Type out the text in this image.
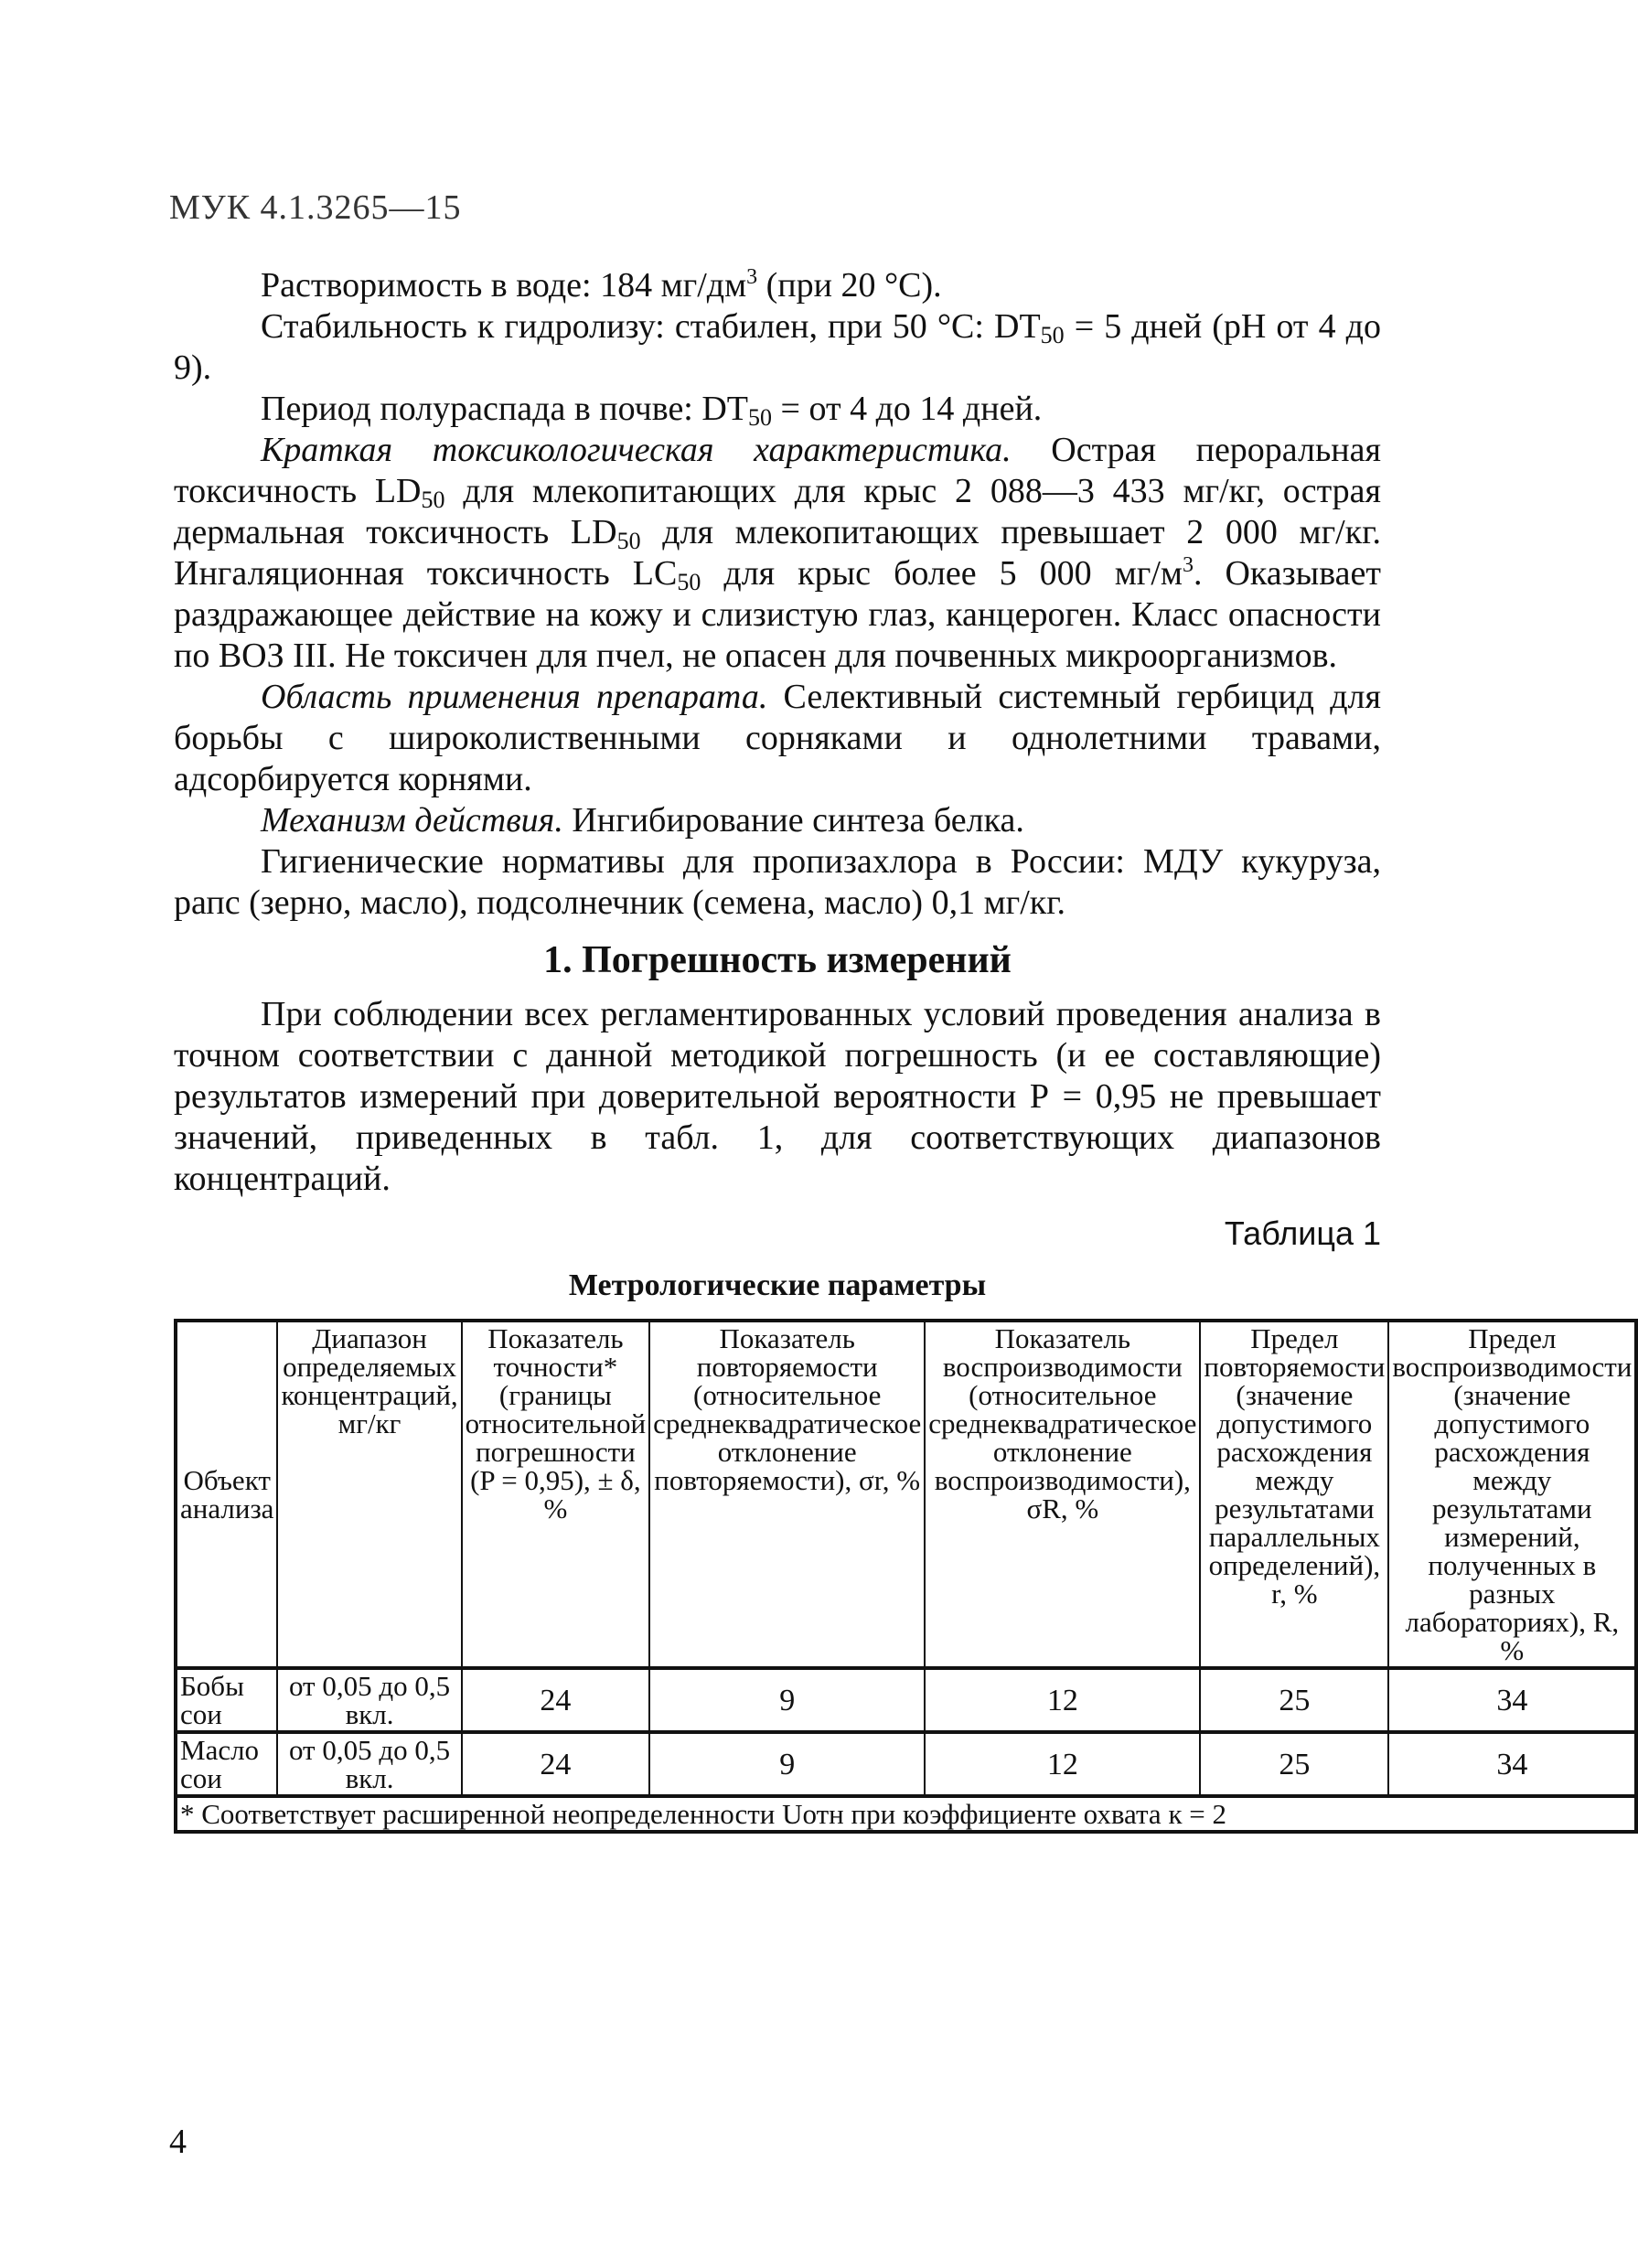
МУК 4.1.3265—15

Растворимость в воде: 184 $мг/дм^3$ (при 20 °С).

Стабильность к гидролизу: стабилен, при 50 °С: $DT_{50} = 5$ дней (pH от 4 до 9).

Период полураспада в почве: $DT_{50}$ = от 4 до 14 дней.

Краткая токсикологическая характеристика. Острая пероральная токсичность $LD_{50}$ для млекопитающих для крыс 2 088—3 433 мг/кг, острая дермальная токсичность $LD_{50}$ для млекопитающих превышает 2 000 мг/кг. Ингаляционная токсичность $LC_{50}$ для крыс более 5 000 $мг/м^3$. Оказывает раздражающее действие на кожу и слизистую глаз, канцероген. Класс опасности по ВОЗ III. Не токсичен для пчел, не опасен для почвенных микроорганизмов.

Область применения препарата. Селективный системный гербицид для борьбы с широколиственными сорняками и однолетними травами, адсорбируется корнями.

Механизм действия. Ингибирование синтеза белка.

Гигиенические нормативы для пропизахлора в России: МДУ кукуруза, рапс (зерно, масло), подсолнечник (семена, масло) 0,1 мг/кг.

1. Погрешность измерений

При соблюдении всех регламентированных условий проведения анализа в точном соответствии с данной методикой погрешность (и ее составляющие) результатов измерений при доверительной вероятности Р = 0,95 не превышает значений, приведенных в табл. 1, для соответствующих диапазонов концентраций.

Таблица 1
Метрологические параметры
Объект анализа	Диапазон определяемых концентраций, мг/кг	Показатель точности* (границы относительной погрешности (P = 0,95), ± δ, %	Показатель повторяемости (относительное среднеквадратическое отклонение повторяемости), σr, %	Показатель воспроизводимости (относительное среднеквадратическое отклонение воспроизводимости), σR, %	Предел повторяемости (значение допустимого расхождения между результатами параллельных определений), r, %	Предел воспроизводимости (значение допустимого расхождения между результатами измерений, полученных в разных лабораториях), R, %
Бобы сои	от 0,05 до 0,5 вкл.	24	9	12	25	34
Масло сои	от 0,05 до 0,5 вкл.	24	9	12	25	34
* Соответствует расширенной неопределенности Uотн при коэффициенте охвата к = 2						
4
